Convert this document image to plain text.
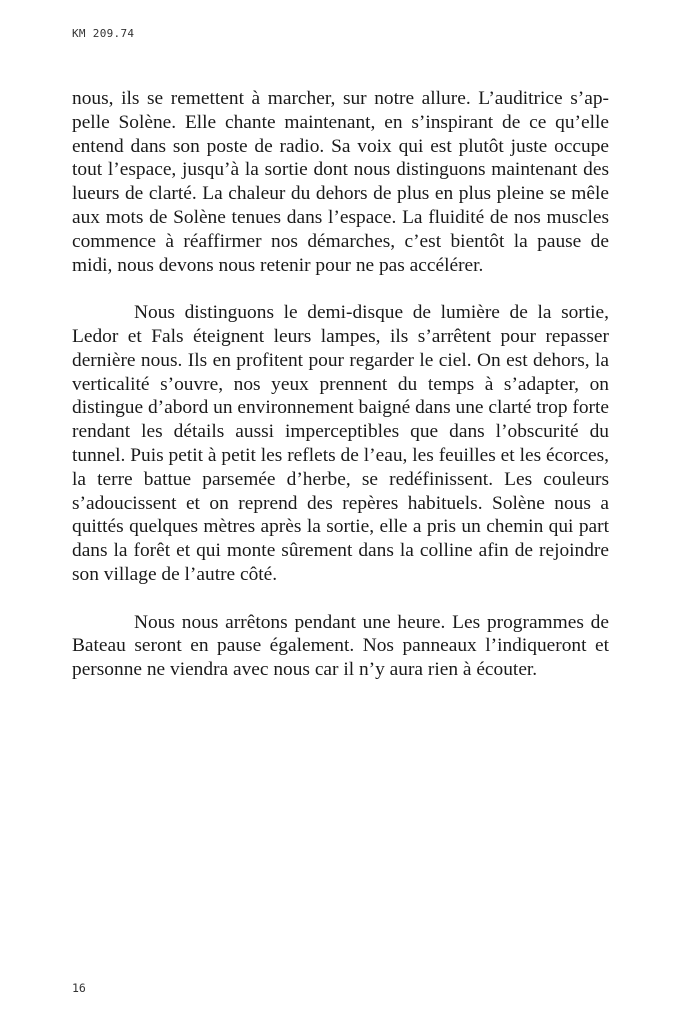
KM 209.74

nous, ils se remettent à marcher, sur notre allure. L’auditrice s’appelle Solène. Elle chante maintenant, en s’inspirant de ce qu’elle entend dans son poste de radio. Sa voix qui est plutôt juste occupe tout l’espace, jusqu’à la sortie dont nous distinguons maintenant des lueurs de clarté. La chaleur du dehors de plus en plus pleine se mêle aux mots de Solène tenues dans l’espace. La fluidité de nos muscles commence à réaffirmer nos démarches, c’est bientôt la pause de midi, nous devons nous retenir pour ne pas accélérer.

Nous distinguons le demi-disque de lumière de la sortie, Ledor et Fals éteignent leurs lampes, ils s’arrêtent pour repasser dernière nous. Ils en profitent pour regarder le ciel. On est dehors, la verticalité s’ouvre, nos yeux prennent du temps à s’adapter, on distingue d’abord un environnement baigné dans une clarté trop forte rendant les détails aussi imperceptibles que dans l’obscurité du tunnel. Puis petit à petit les reflets de l’eau, les feuilles et les écorces, la terre battue parsemée d’herbe, se redéfinissent. Les couleurs s’adoucissent et on reprend des repères habituels. Solène nous a quittés quelques mètres après la sortie, elle a pris un chemin qui part dans la forêt et qui monte sûrement dans la colline afin de rejoindre son village de l’autre côté.

Nous nous arrêtons pendant une heure. Les programmes de Bateau seront en pause également. Nos panneaux l’indiqueront et personne ne viendra avec nous car il n’y aura rien à écouter.

16
